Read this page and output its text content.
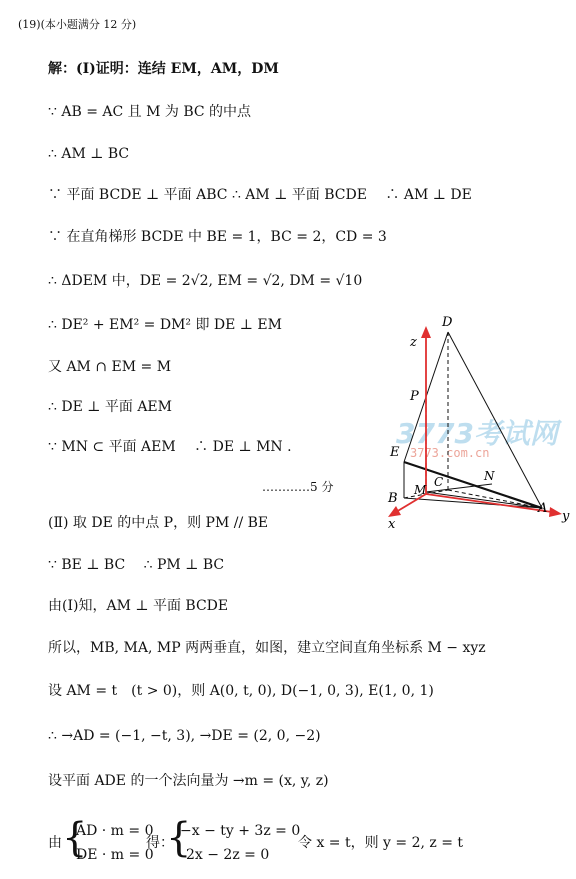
(19)(本小题满分 12 分)
解：(Ⅰ)证明：连结 EM，AM，DM
∵ AB = AC 且 M 为 BC 的中点
∴ AM ⊥ BC
∵ 平面 BCDE ⊥ 平面 ABC ∴ AM ⊥ 平面 BCDE　 ∴ AM ⊥ DE
∵ 在直角梯形 BCDE 中 BE = 1，BC = 2，CD = 3
∴ ΔDEM 中，DE = 2√2, EM = √2, DM = √10
∴ DE² + EM² = DM² 即 DE ⊥ EM
又 AM ∩ EM = M
∴ DE ⊥ 平面 AEM
∵ MN ⊂ 平面 AEM　 ∴ DE ⊥ MN .
…………5 分
(Ⅱ) 取 DE 的中点 P，则 PM // BE
∵ BE ⊥ BC　 ∴ PM ⊥ BC
由(Ⅰ)知，AM ⊥ 平面 BCDE
所以，MB, MA, MP 两两垂直，如图，建立空间直角坐标系 M − xyz
设 AM = t　(t > 0)，则 A(0, t, 0), D(−1, 0, 3), E(1, 0, 1)
∴ →AD = (−1, −t, 3), →DE = (2, 0, −2)
设平面 ADE 的一个法向量为 →m = (x, y, z)
由 {
AD · m = 0
DE · m = 0
得：
{
−x − ty + 3z = 0
2x − 2z = 0
令 x = t，则 y = 2, z = t
3773考试网
3773.com.cn
D
z
P
E
M
C	N
B
x
A
y
